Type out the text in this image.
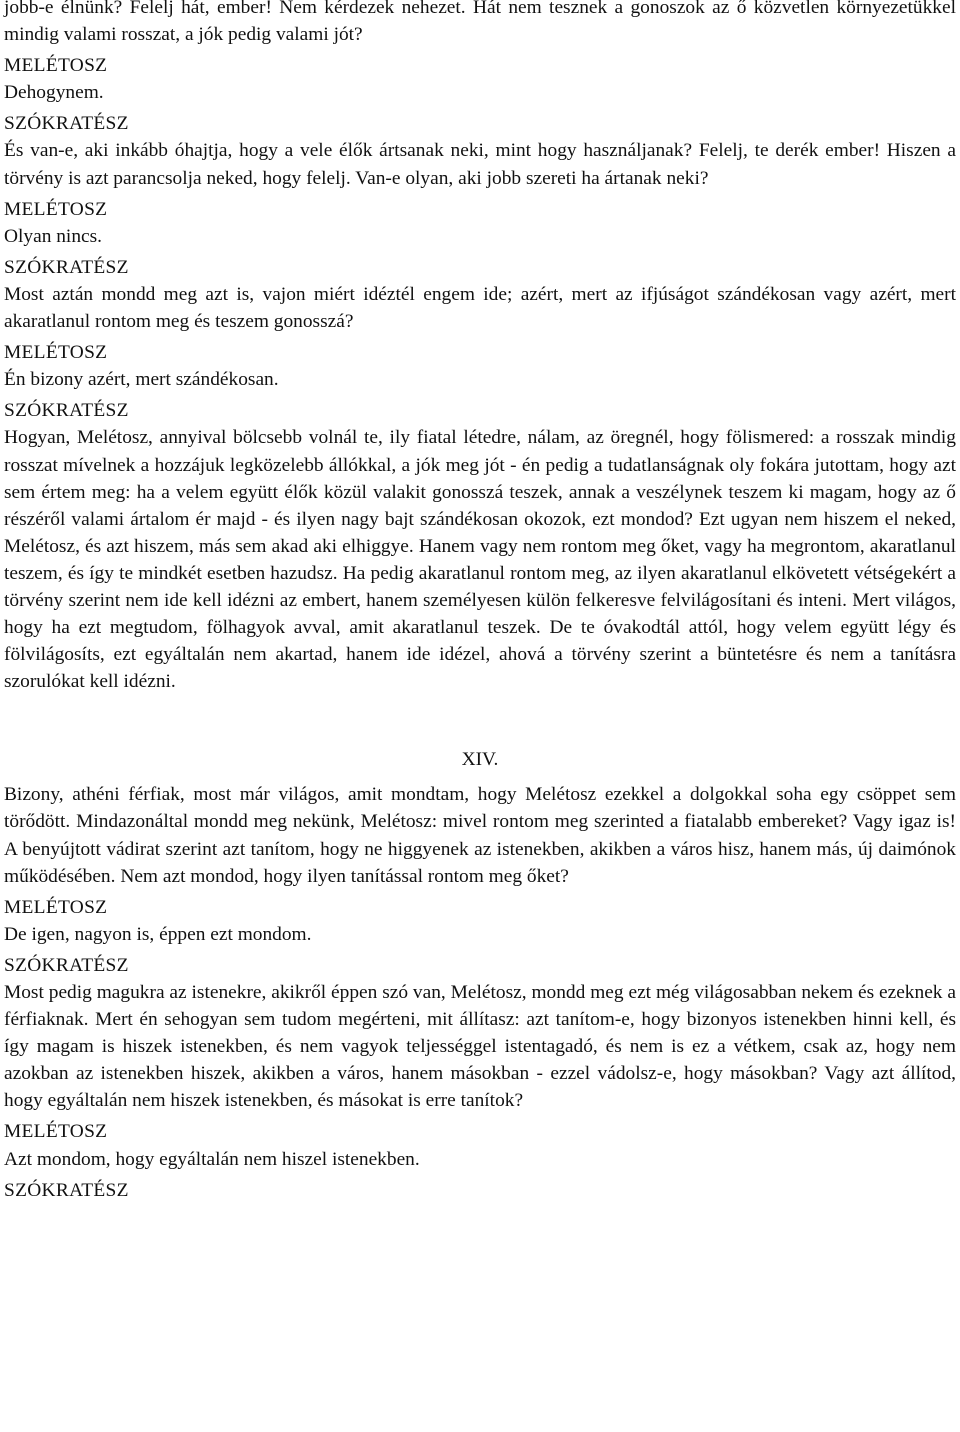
jobb-e élnünk? Felelj hát, ember! Nem kérdezek nehezet. Hát nem tesznek a gonoszok az ő közvetlen környezetükkel mindig valami rosszat, a jók pedig valami jót?

MELÉTOSZ

Dehogynem.

SZÓKRATÉSZ

És van-e, aki inkább óhajtja, hogy a vele élők ártsanak neki, mint hogy használjanak? Felelj, te derék ember! Hiszen a törvény is azt parancsolja neked, hogy felelj. Van-e olyan, aki jobb szereti ha ártanak neki?

MELÉTOSZ

Olyan nincs.

SZÓKRATÉSZ

Most aztán mondd meg azt is, vajon miért idéztél engem ide; azért, mert az ifjúságot szándékosan vagy azért, mert akaratlanul rontom meg és teszem gonosszá?

MELÉTOSZ

Én bizony azért, mert szándékosan.

SZÓKRATÉSZ

Hogyan, Melétosz, annyival bölcsebb volnál te, ily fiatal létedre, nálam, az öregnél, hogy fölismered: a rosszak mindig rosszat mívelnek a hozzájuk legközelebb állókkal, a jók meg jót - én pedig a tudatlanságnak oly fokára jutottam, hogy azt sem értem meg: ha a velem együtt élők közül valakit gonosszá teszek, annak a veszélynek teszem ki magam, hogy az ő részéről valami ártalom ér majd - és ilyen nagy bajt szándékosan okozok, ezt mondod? Ezt ugyan nem hiszem el neked, Melétosz, és azt hiszem, más sem akad aki elhiggye. Hanem vagy nem rontom meg őket, vagy ha megrontom, akaratlanul teszem, és így te mindkét esetben hazudsz. Ha pedig akaratlanul rontom meg, az ilyen akaratlanul elkövetett vétségekért a törvény szerint nem ide kell idézni az embert, hanem személyesen külön felkeresve felvilágosítani és inteni. Mert világos, hogy ha ezt megtudom, fölhagyok avval, amit akaratlanul teszek. De te óvakodtál attól, hogy velem együtt légy és fölvilágosíts, ezt egyáltalán nem akartad, hanem ide idézel, ahová a törvény szerint a büntetésre és nem a tanításra szorulókat kell idézni.

XIV.

Bizony, athéni férfiak, most már világos, amit mondtam, hogy Melétosz ezekkel a dolgokkal soha egy csöppet sem törődött. Mindazonáltal mondd meg nekünk, Melétosz: mivel rontom meg szerinted a fiatalabb embereket? Vagy igaz is! A benyújtott vádirat szerint azt tanítom, hogy ne higgyenek az istenekben, akikben a város hisz, hanem más, új daimónok működésében. Nem azt mondod, hogy ilyen tanítással rontom meg őket?

MELÉTOSZ

De igen, nagyon is, éppen ezt mondom.

SZÓKRATÉSZ

Most pedig magukra az istenekre, akikről éppen szó van, Melétosz, mondd meg ezt még világosabban nekem és ezeknek a férfiaknak. Mert én sehogyan sem tudom megérteni, mit állítasz: azt tanítom-e, hogy bizonyos istenekben hinni kell, és így magam is hiszek istenekben, és nem vagyok teljességgel istentagadó, és nem is ez a vétkem, csak az, hogy nem azokban az istenekben hiszek, akikben a város, hanem másokban - ezzel vádolsz-e, hogy másokban? Vagy azt állítod, hogy egyáltalán nem hiszek istenekben, és másokat is erre tanítok?

MELÉTOSZ

Azt mondom, hogy egyáltalán nem hiszel istenekben.

SZÓKRATÉSZ
